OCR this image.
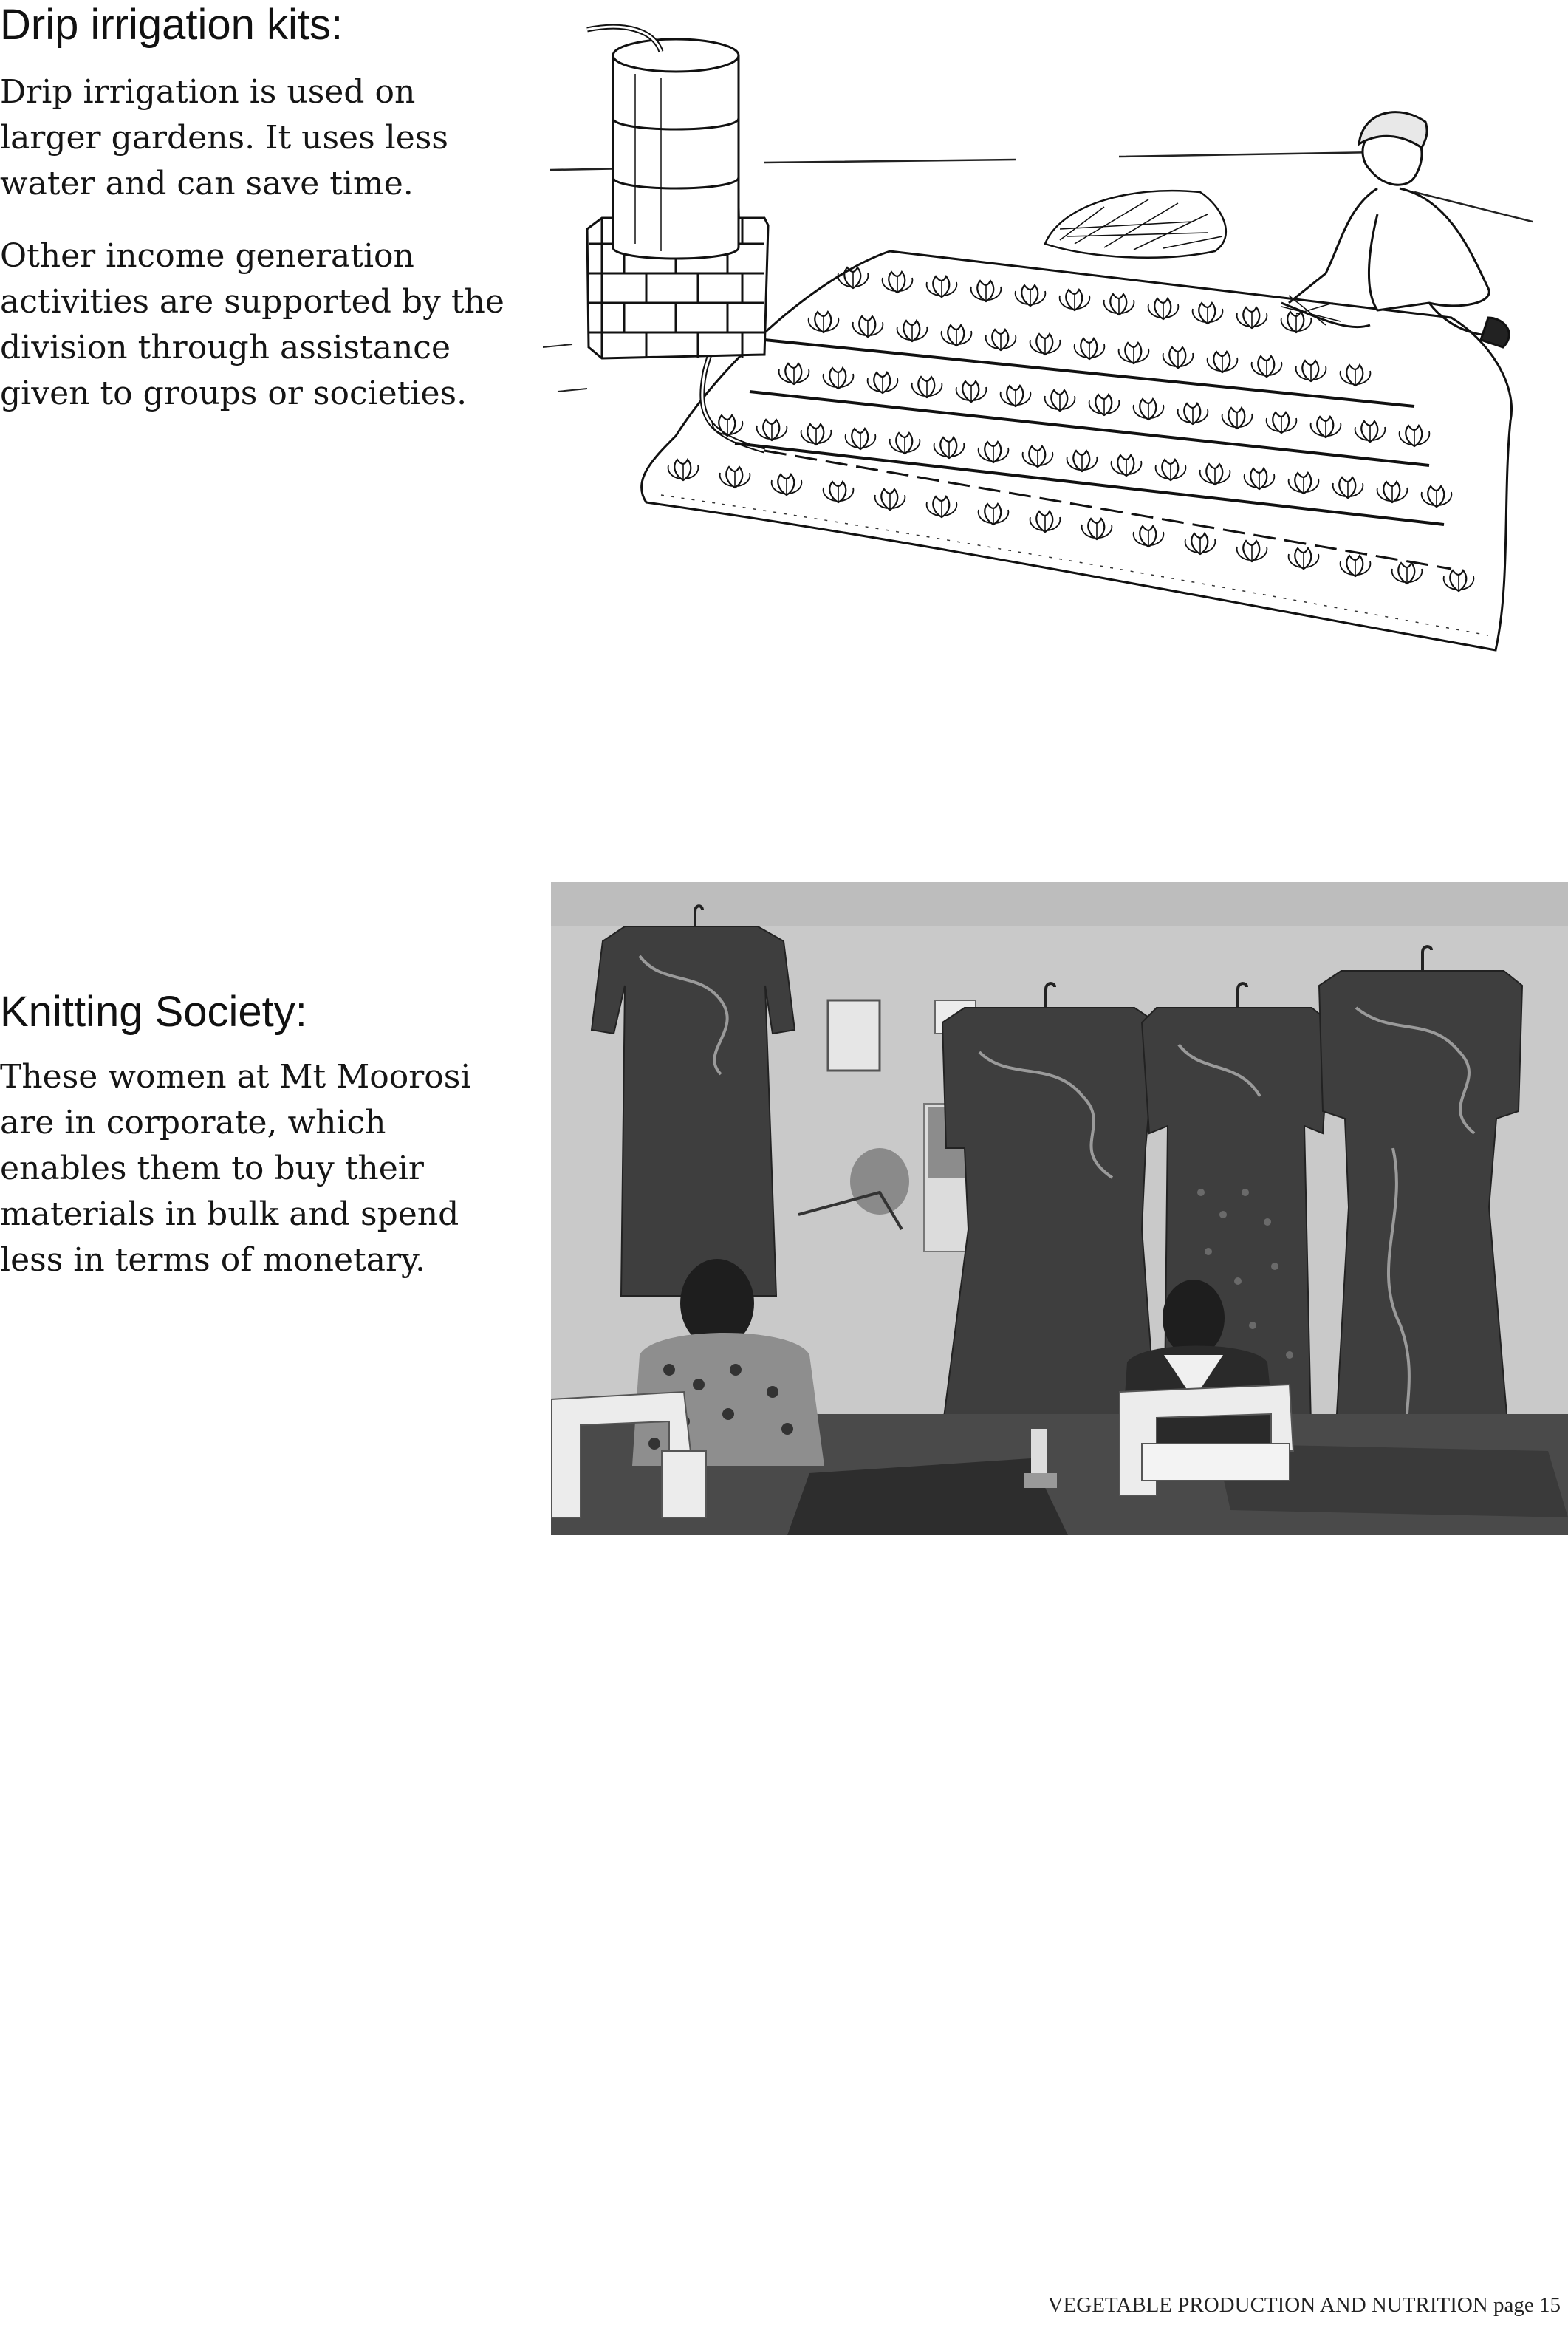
Drip irrigation kits:

Drip irrigation is used on larger gardens. It uses less water and can save time.

Other income generation activities are supported by the division through assistance given to groups or societies.

Knitting Society:

These women at Mt Moorosi are in corporate, which enables them to buy their materials in bulk and spend less in terms of monetary.

VEGETABLE PRODUCTION AND NUTRITION page 15
